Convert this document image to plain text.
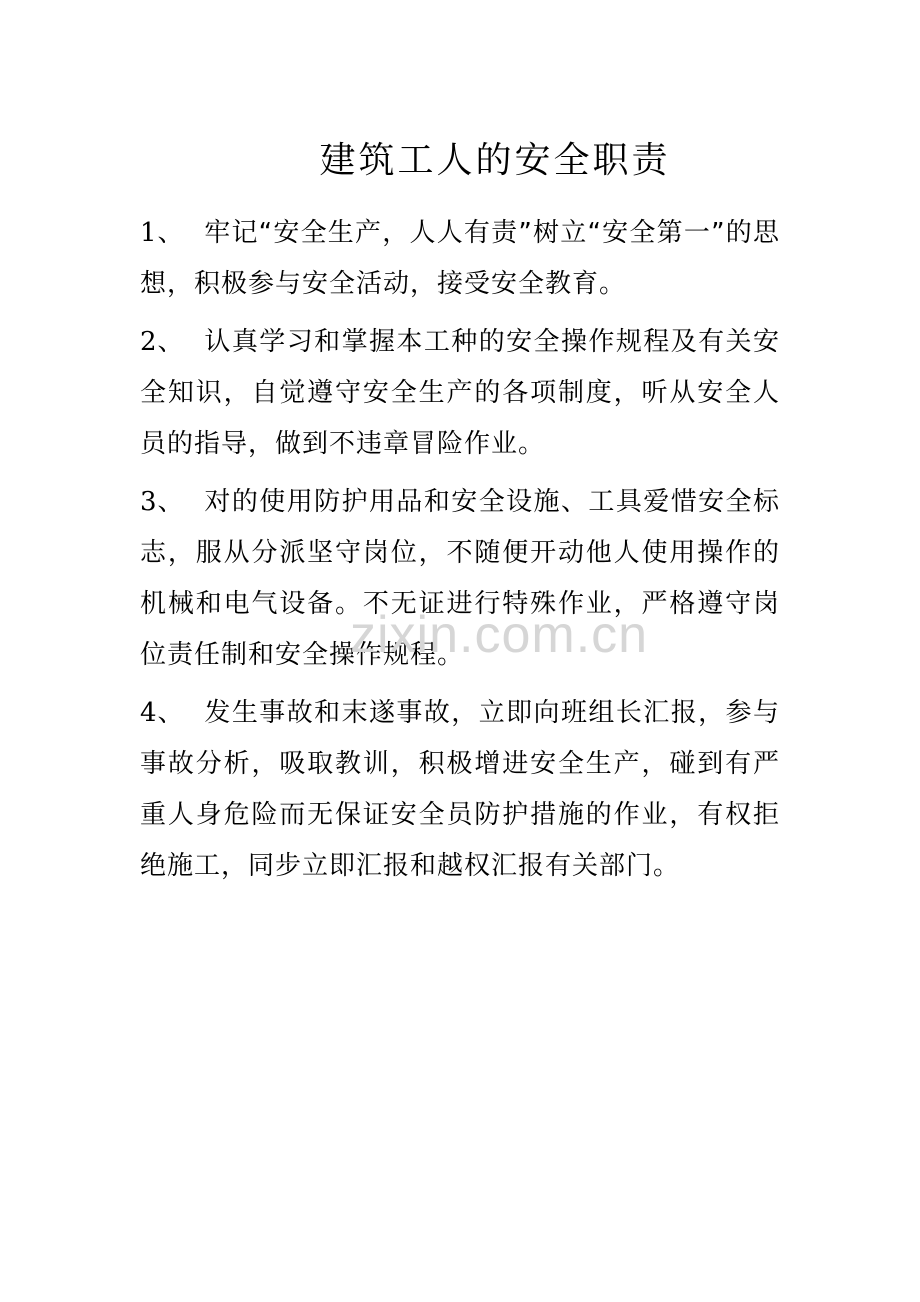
建筑工人的安全职责

1、 牢记“安全生产，人人有责”树立“安全第一”的思想，积极参与安全活动，接受安全教育。

2、 认真学习和掌握本工种的安全操作规程及有关安全知识，自觉遵守安全生产的各项制度，听从安全人员的指导，做到不违章冒险作业。

3、 对的使用防护用品和安全设施、工具爱惜安全标志，服从分派坚守岗位，不随便开动他人使用操作的机械和电气设备。不无证进行特殊作业，严格遵守岗位责任制和安全操作规程。

4、 发生事故和末遂事故，立即向班组长汇报，参与事故分析，吸取教训，积极增进安全生产，碰到有严重人身危险而无保证安全员防护措施的作业，有权拒绝施工，同步立即汇报和越权汇报有关部门。

zixin.com.cn
